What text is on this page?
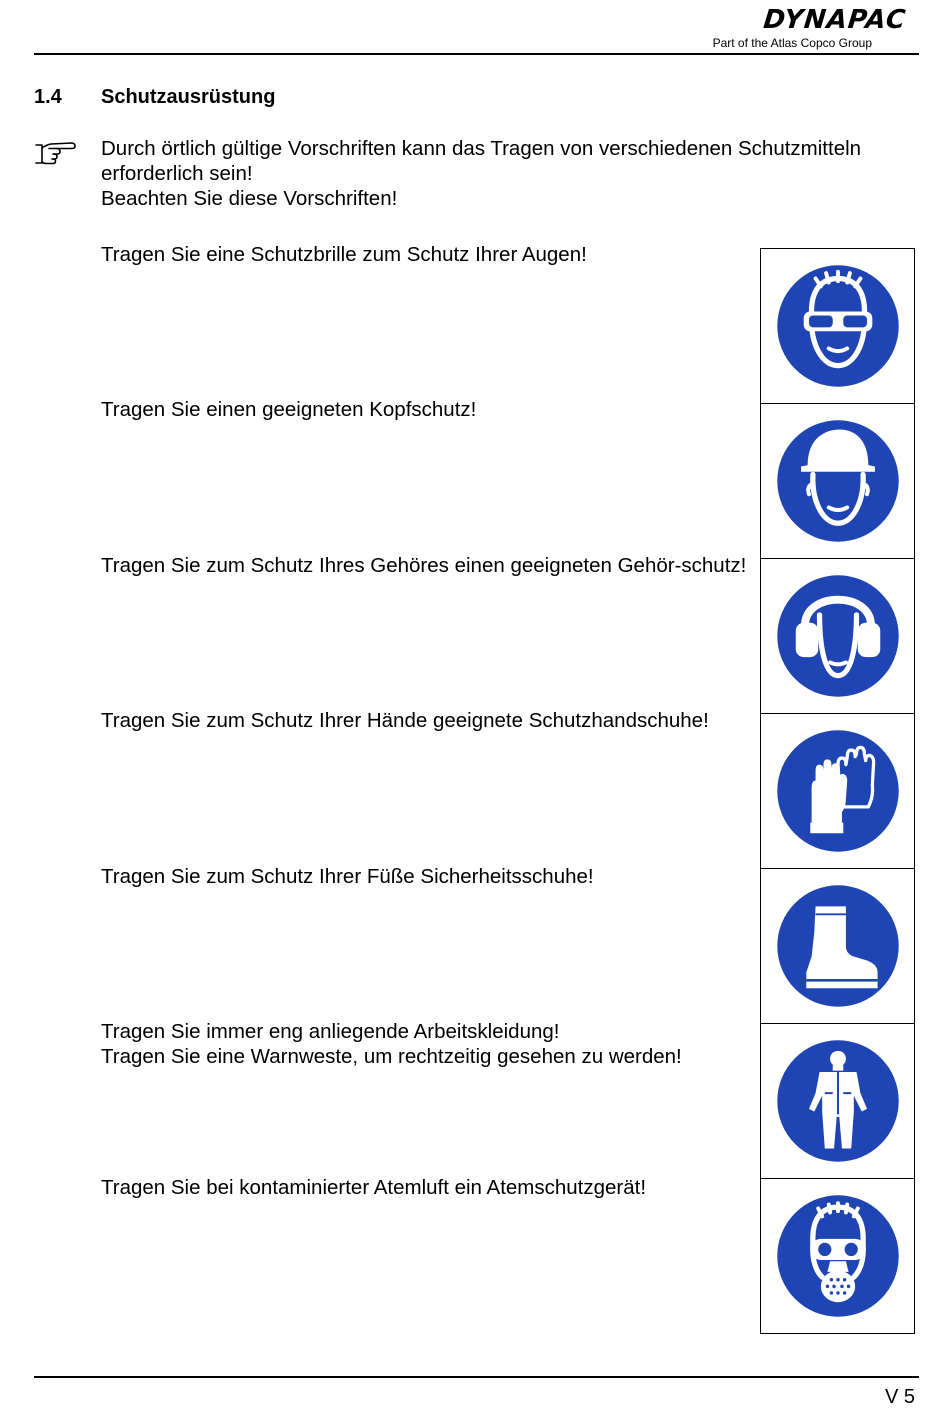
DYNAPAC
Part of the Atlas Copco Group
1.4 Schutzausrüstung

Durch örtlich gültige Vorschriften kann das Tragen von verschiedenen Schutzmitteln erforderlich sein!

Beachten Sie diese Vorschriften!

Tragen Sie eine Schutzbrille zum Schutz Ihrer Augen!

Tragen Sie einen geeigneten Kopfschutz!

Tragen Sie zum Schutz Ihres Gehöres einen geeigneten Gehör-schutz!

Tragen Sie zum Schutz Ihrer Hände geeignete Schutzhandschuhe!

Tragen Sie zum Schutz Ihrer Füße Sicherheitsschuhe!

Tragen Sie immer eng anliegende Arbeitskleidung!

Tragen Sie eine Warnweste, um rechtzeitig gesehen zu werden!

Tragen Sie bei kontaminierter Atemluft ein Atemschutzgerät!

V 5
